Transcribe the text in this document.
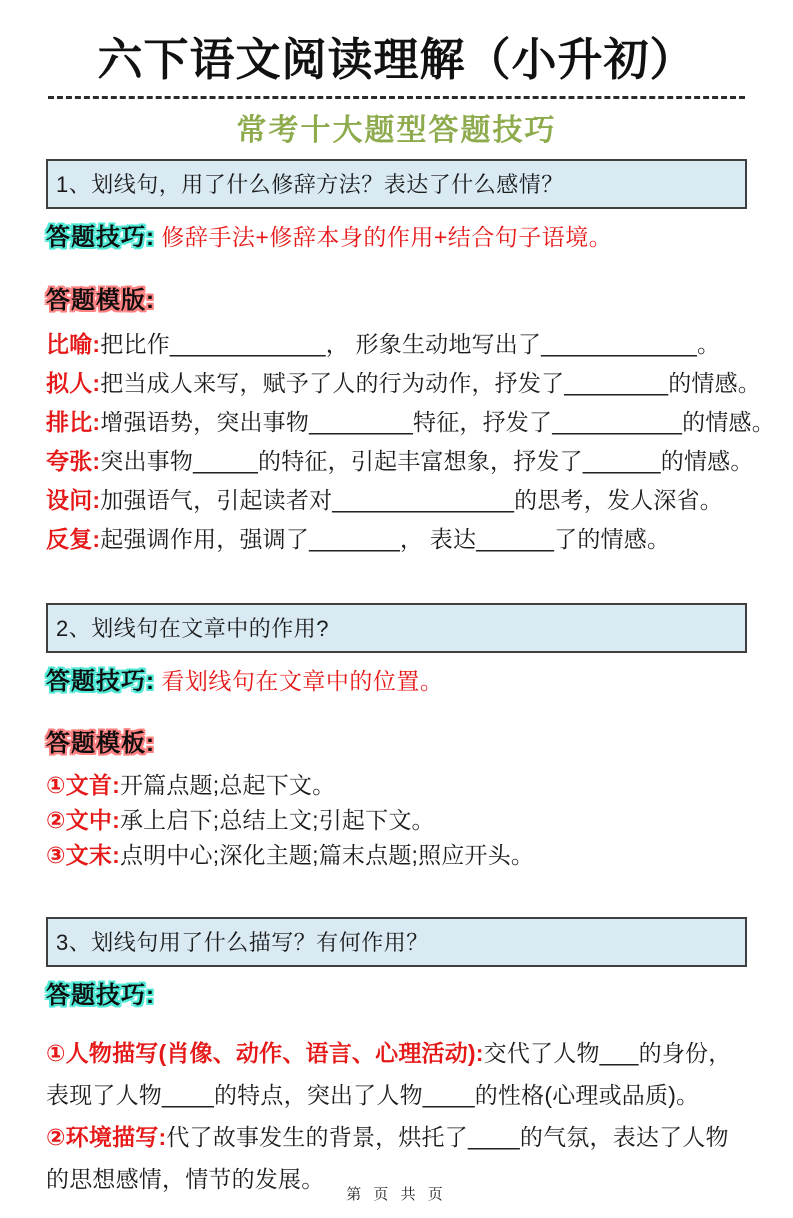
六下语文阅读理解（小升初）
常考十大题型答题技巧
1、划线句，用了什么修辞方法？表达了什么感情？

答题技巧: 修辞手法+修辞本身的作用+结合句子语境。

答题模版:

比喻:把比作____________， 形象生动地写出了____________。

拟人:把当成人来写，赋予了人的行为动作，抒发了________的情感。

排比:增强语势，突出事物________特征，抒发了__________的情感。

夸张:突出事物_____的特征，引起丰富想象，抒发了______的情感。

设问:加强语气，引起读者对______________的思考，发人深省。

反复:起强调作用，强调了_______， 表达______了的情感。

2、划线句在文章中的作用?

答题技巧: 看划线句在文章中的位置。

答题模板:

①文首:开篇点题;总起下文。

②文中:承上启下;总结上文;引起下文。

③文末:点明中心;深化主题;篇末点题;照应开头。

3、划线句用了什么描写？有何作用？

答题技巧:

①人物描写(肖像、动作、语言、心理活动):交代了人物___的身份，表现了人物____的特点，突出了人物____的性格(心理或品质)。

②环境描写:代了故事发生的背景，烘托了____的气氛，表达了人物的思想感情，情节的发展。

第 页 共 页
